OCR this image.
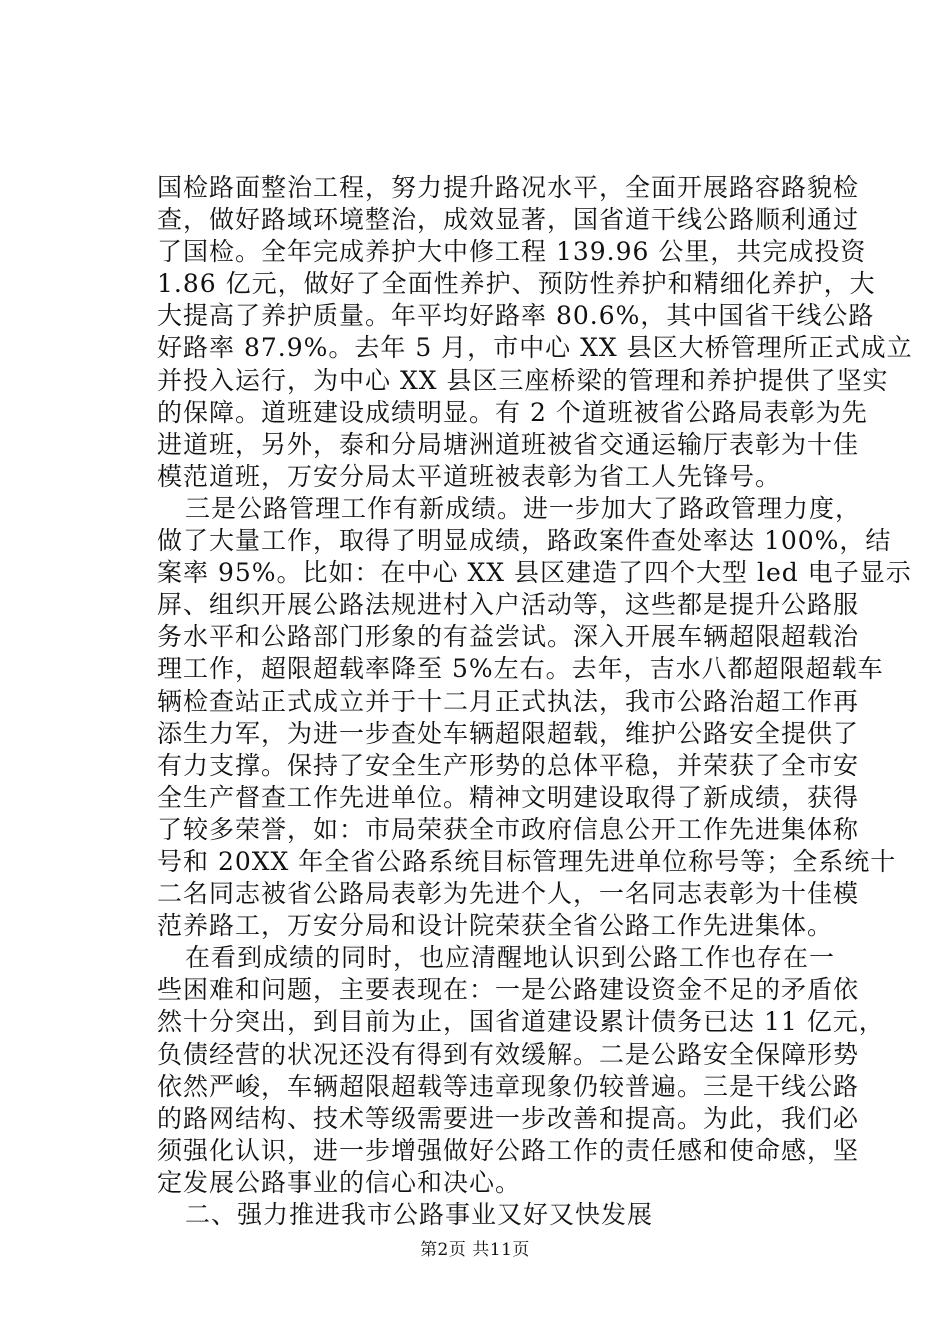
国检路面整治工程，努力提升路况水平，全面开展路容路貌检
查，做好路域环境整治，成效显著，国省道干线公路顺利通过
了国检。全年完成养护大中修工程 139.96 公里，共完成投资
1.86 亿元，做好了全面性养护、预防性养护和精细化养护，大
大提高了养护质量。年平均好路率 80.6%，其中国省干线公路
好路率 87.9%。去年 5 月，市中心 XX 县区大桥管理所正式成立
并投入运行，为中心 XX 县区三座桥梁的管理和养护提供了坚实
的保障。道班建设成绩明显。有 2 个道班被省公路局表彰为先
进道班，另外，泰和分局塘洲道班被省交通运输厅表彰为十佳
模范道班，万安分局太平道班被表彰为省工人先锋号。
三是公路管理工作有新成绩。进一步加大了路政管理力度，
做了大量工作，取得了明显成绩，路政案件查处率达 100%，结
案率 95%。比如：在中心 XX 县区建造了四个大型 led 电子显示
屏、组织开展公路法规进村入户活动等，这些都是提升公路服
务水平和公路部门形象的有益尝试。深入开展车辆超限超载治
理工作，超限超载率降至 5%左右。去年，吉水八都超限超载车
辆检查站正式成立并于十二月正式执法，我市公路治超工作再
添生力军，为进一步查处车辆超限超载，维护公路安全提供了
有力支撑。保持了安全生产形势的总体平稳，并荣获了全市安
全生产督查工作先进单位。精神文明建设取得了新成绩，获得
了较多荣誉，如：市局荣获全市政府信息公开工作先进集体称
号和 20XX 年全省公路系统目标管理先进单位称号等；全系统十
二名同志被省公路局表彰为先进个人，一名同志表彰为十佳模
范养路工，万安分局和设计院荣获全省公路工作先进集体。
在看到成绩的同时，也应清醒地认识到公路工作也存在一
些困难和问题，主要表现在：一是公路建设资金不足的矛盾依
然十分突出，到目前为止，国省道建设累计债务已达 11 亿元，
负债经营的状况还没有得到有效缓解。二是公路安全保障形势
依然严峻，车辆超限超载等违章现象仍较普遍。三是干线公路
的路网结构、技术等级需要进一步改善和提高。为此，我们必
须强化认识，进一步增强做好公路工作的责任感和使命感，坚
定发展公路事业的信心和决心。
二、强力推进我市公路事业又好又快发展
第2页 共11页
